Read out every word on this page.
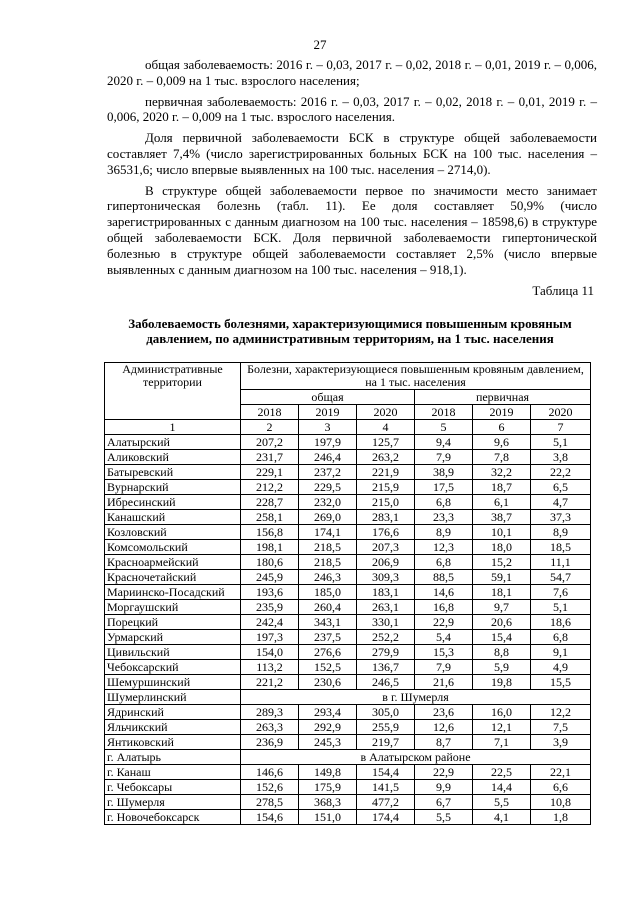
27

общая заболеваемость: 2016 г. – 0,03, 2017 г. – 0,02, 2018 г. – 0,01, 2019 г. – 0,006, 2020 г. – 0,009 на 1 тыс. взрослого населения;

первичная заболеваемость: 2016 г. – 0,03, 2017 г. – 0,02, 2018 г. – 0,01, 2019 г. – 0,006, 2020 г. – 0,009 на 1 тыс. взрослого населения.

Доля первичной заболеваемости БСК в структуре общей заболеваемости составляет 7,4% (число зарегистрированных больных БСК на 100 тыс. населения – 36531,6; число впервые выявленных на 100 тыс. населения – 2714,0).

В структуре общей заболеваемости первое по значимости место занимает гипертоническая болезнь (табл. 11). Ее доля составляет 50,9% (число зарегистрированных с данным диагнозом на 100 тыс. населения – 18598,6) в структуре общей заболеваемости БСК. Доля первичной заболеваемости гипертонической болезнью в структуре общей заболеваемости составляет 2,5% (число впервые выявленных с данным диагнозом на 100 тыс. населения – 918,1).

Таблица 11
Заболеваемость болезнями, характеризующимися повышенным кровяным давлением, по административным территориям, на 1 тыс. населения
Административные территории	Болезни, характеризующиеся повышенным кровяным давлением, на 1 тыс. населения					
	общая			первичная		
	2018	2019	2020	2018	2019	2020
1	2	3	4	5	6	7
Алатырский	207,2	197,9	125,7	9,4	9,6	5,1
Аликовский	231,7	246,4	263,2	7,9	7,8	3,8
Батыревский	229,1	237,2	221,9	38,9	32,2	22,2
Вурнарский	212,2	229,5	215,9	17,5	18,7	6,5
Ибресинский	228,7	232,0	215,0	6,8	6,1	4,7
Канашский	258,1	269,0	283,1	23,3	38,7	37,3
Козловский	156,8	174,1	176,6	8,9	10,1	8,9
Комсомольский	198,1	218,5	207,3	12,3	18,0	18,5
Красноармейский	180,6	218,5	206,9	6,8	15,2	11,1
Красночетайский	245,9	246,3	309,3	88,5	59,1	54,7
Мариинско-Посадский	193,6	185,0	183,1	14,6	18,1	7,6
Моргаушский	235,9	260,4	263,1	16,8	9,7	5,1
Порецкий	242,4	343,1	330,1	22,9	20,6	18,6
Урмарский	197,3	237,5	252,2	5,4	15,4	6,8
Цивильский	154,0	276,6	279,9	15,3	8,8	9,1
Чебоксарский	113,2	152,5	136,7	7,9	5,9	4,9
Шемуршинский	221,2	230,6	246,5	21,6	19,8	15,5
Шумерлинский	в г. Шумерля					
Ядринский	289,3	293,4	305,0	23,6	16,0	12,2
Яльчикский	263,3	292,9	255,9	12,6	12,1	7,5
Янтиковский	236,9	245,3	219,7	8,7	7,1	3,9
г. Алатырь	в Алатырском районе					
г. Канаш	146,6	149,8	154,4	22,9	22,5	22,1
г. Чебоксары	152,6	175,9	141,5	9,9	14,4	6,6
г. Шумерля	278,5	368,3	477,2	6,7	5,5	10,8
г. Новочебоксарск	154,6	151,0	174,4	5,5	4,1	1,8
